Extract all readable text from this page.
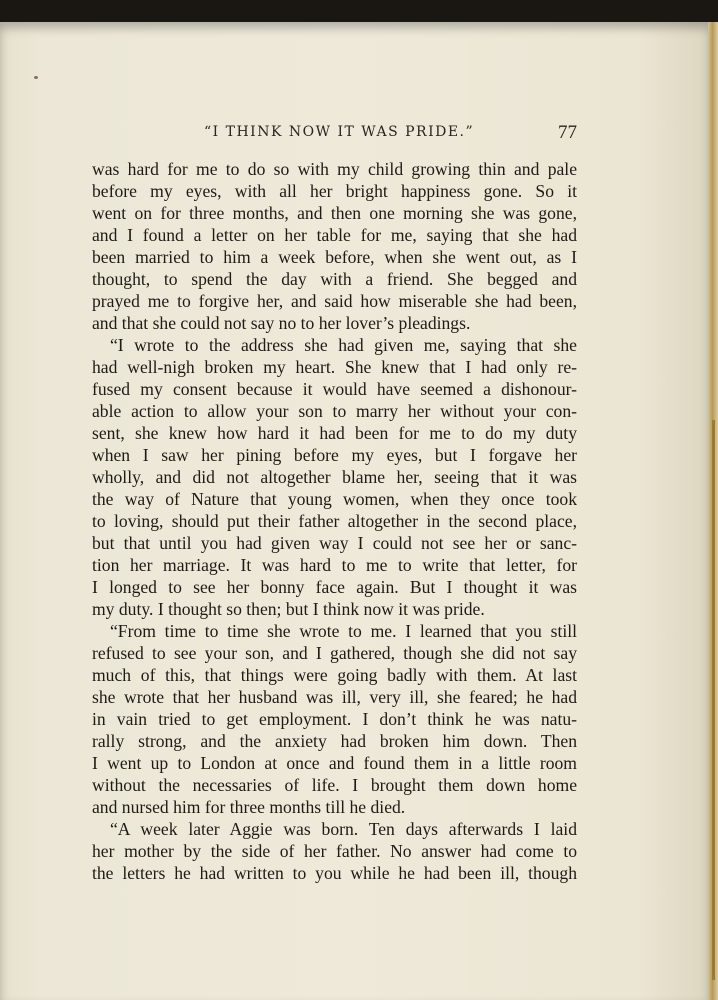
“I THINK NOW IT WAS PRIDE.”	77
was hard for me to do so with my child growing thin and pale
before my eyes, with all her bright happiness gone. So it
went on for three months, and then one morning she was gone,
and I found a letter on her table for me, saying that she had
been married to him a week before, when she went out, as I
thought, to spend the day with a friend. She begged and
prayed me to forgive her, and said how miserable she had been,
and that she could not say no to her lover’s pleadings.
“I wrote to the address she had given me, saying that she
had well-nigh broken my heart. She knew that I had only re-
fused my consent because it would have seemed a dishonour-
able action to allow your son to marry her without your con-
sent, she knew how hard it had been for me to do my duty
when I saw her pining before my eyes, but I forgave her
wholly, and did not altogether blame her, seeing that it was
the way of Nature that young women, when they once took
to loving, should put their father altogether in the second place,
but that until you had given way I could not see her or sanc-
tion her marriage. It was hard to me to write that letter, for
I longed to see her bonny face again. But I thought it was
my duty. I thought so then; but I think now it was pride.
“From time to time she wrote to me. I learned that you still
refused to see your son, and I gathered, though she did not say
much of this, that things were going badly with them. At last
she wrote that her husband was ill, very ill, she feared; he had
in vain tried to get employment. I don’t think he was natu-
rally strong, and the anxiety had broken him down. Then
I went up to London at once and found them in a little room
without the necessaries of life. I brought them down home
and nursed him for three months till he died.
“A week later Aggie was born. Ten days afterwards I laid
her mother by the side of her father. No answer had come to
the letters he had written to you while he had been ill, though
